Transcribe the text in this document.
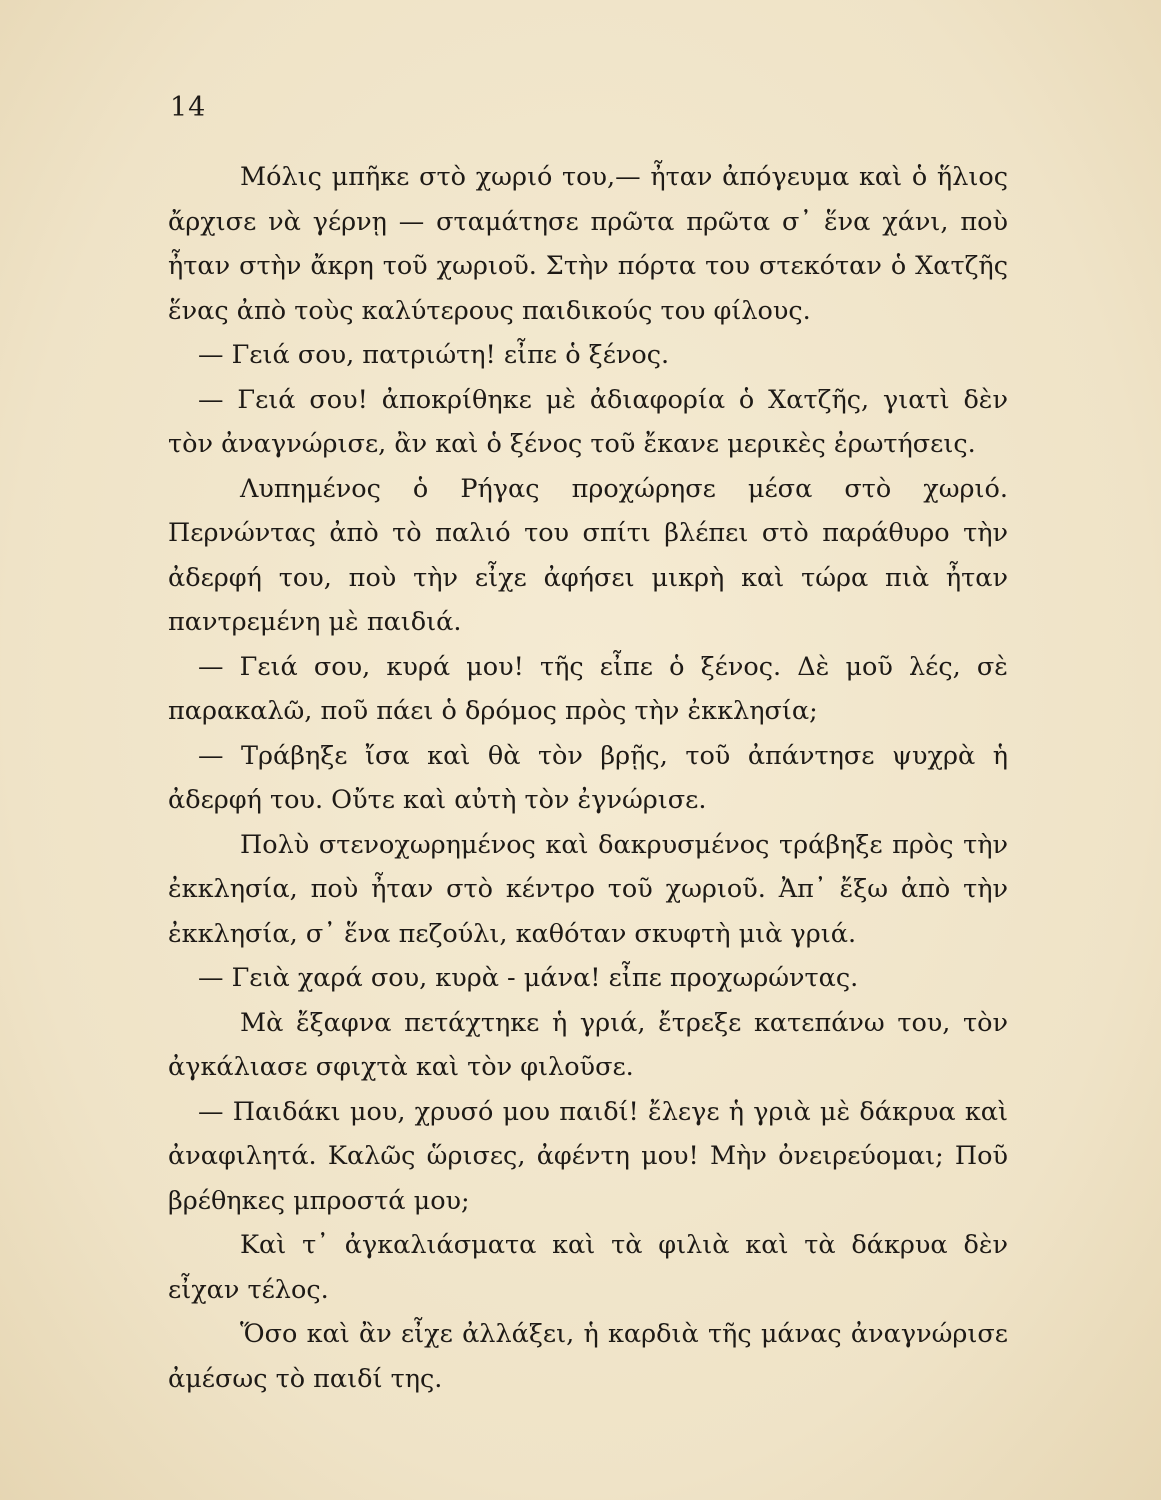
14

Μόλις μπῆκε στὸ χωριό του,— ἦταν ἀπόγευμα καὶ ὁ ἥλιος ἄρχισε νὰ γέρνῃ — σταμάτησε πρῶτα πρῶτα σ᾽ ἕνα χάνι, ποὺ ἦταν στὴν ἄκρη τοῦ χωριοῦ. Στὴν πόρτα του στεκόταν ὁ Χατζῆς ἕνας ἀπὸ τοὺς καλύτερους παιδικούς του φίλους.

— Γειά σου, πατριώτη! εἶπε ὁ ξένος.

— Γειά σου! ἀποκρίθηκε μὲ ἀδιαφορία ὁ Χατζῆς, γιατὶ δὲν τὸν ἀναγνώρισε, ἂν καὶ ὁ ξένος τοῦ ἔκανε μερικὲς ἐρωτήσεις.

Λυπημένος ὁ Ρήγας προχώρησε μέσα στὸ χωριό. Περνώντας ἀπὸ τὸ παλιό του σπίτι βλέπει στὸ παράθυρο τὴν ἀδερφή του, ποὺ τὴν εἶχε ἀφήσει μικρὴ καὶ τώρα πιὰ ἦταν παντρεμένη μὲ παιδιά.

— Γειά σου, κυρά μου! τῆς εἶπε ὁ ξένος. Δὲ μοῦ λές, σὲ παρακαλῶ, ποῦ πάει ὁ δρόμος πρὸς τὴν ἐκκλησία;

— Τράβηξε ἴσα καὶ θὰ τὸν βρῇς, τοῦ ἀπάντησε ψυχρὰ ἡ ἀδερφή του. Οὔτε καὶ αὐτὴ τὸν ἐγνώρισε.

Πολὺ στενοχωρημένος καὶ δακρυσμένος τράβηξε πρὸς τὴν ἐκκλησία, ποὺ ἦταν στὸ κέντρο τοῦ χωριοῦ. Ἀπ᾽ ἔξω ἀπὸ τὴν ἐκκλησία, σ᾽ ἕνα πεζούλι, καθόταν σκυφτὴ μιὰ γριά.

— Γειὰ χαρά σου, κυρὰ - μάνα! εἶπε προχωρώντας.

Μὰ ἔξαφνα πετάχτηκε ἡ γριά, ἔτρεξε κατεπάνω του, τὸν ἀγκάλιασε σφιχτὰ καὶ τὸν φιλοῦσε.

— Παιδάκι μου, χρυσό μου παιδί! ἔλεγε ἡ γριὰ μὲ δάκρυα καὶ ἀναφιλητά. Καλῶς ὥρισες, ἀφέντη μου! Μὴν ὀνειρεύομαι; Ποῦ βρέθηκες μπροστά μου;

Καὶ τ᾽ ἀγκαλιάσματα καὶ τὰ φιλιὰ καὶ τὰ δάκρυα δὲν εἶχαν τέλος.

Ὅσο καὶ ἂν εἶχε ἀλλάξει, ἡ καρδιὰ τῆς μάνας ἀναγνώρισε ἀμέσως τὸ παιδί της.
